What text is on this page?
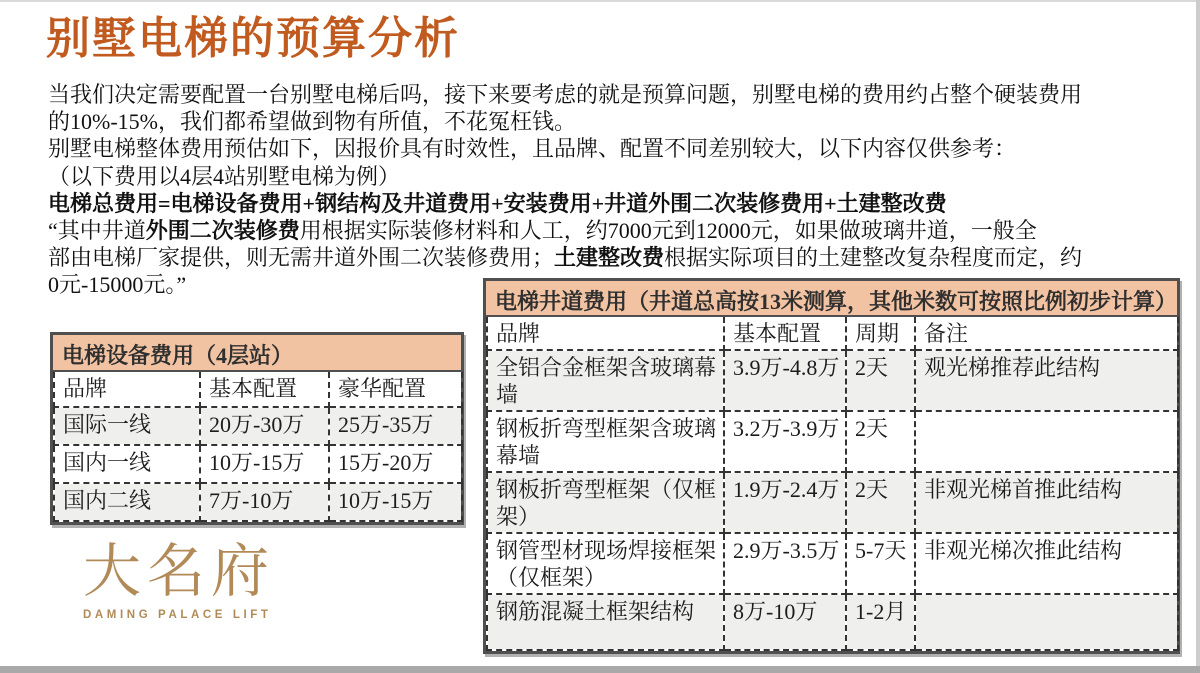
别墅电梯的预算分析
当我们决定需要配置一台别墅电梯后吗，接下来要考虑的就是预算问题，别墅电梯的费用约占整个硬装费用
的10%-15%，我们都希望做到物有所值，不花冤枉钱。
别墅电梯整体费用预估如下，因报价具有时效性，且品牌、配置不同差别较大，以下内容仅供参考：
（以下费用以4层4站别墅电梯为例）
电梯总费用=电梯设备费用+钢结构及井道费用+安装费用+井道外围二次装修费用+土建整改费
“其中井道外围二次装修费用根据实际装修材料和人工，约7000元到12000元，如果做玻璃井道，一般全
部由电梯厂家提供，则无需井道外围二次装修费用；土建整改费根据实际项目的土建整改复杂程度而定，约
0元-15000元。”
电梯设备费用（4层站）
品牌	基本配置	豪华配置
国际一线	20万-30万	25万-35万
国内一线	10万-15万	15万-20万
国内二线	7万-10万	10万-15万
电梯井道费用（井道总高按13米测算，其他米数可按照比例初步计算）
品牌	基本配置	周期	备注
全铝合金框架含玻璃幕墙	3.9万-4.8万	2天	观光梯推荐此结构
钢板折弯型框架含玻璃幕墙	3.2万-3.9万	2天	
钢板折弯型框架（仅框架）	1.9万-2.4万	2天	非观光梯首推此结构
钢管型材现场焊接框架 （仅框架）	2.9万-3.5万	5-7天	非观光梯次推此结构
钢筋混凝土框架结构	8万-10万	1-2月	
大名府
DAMING PALACE LIFT
